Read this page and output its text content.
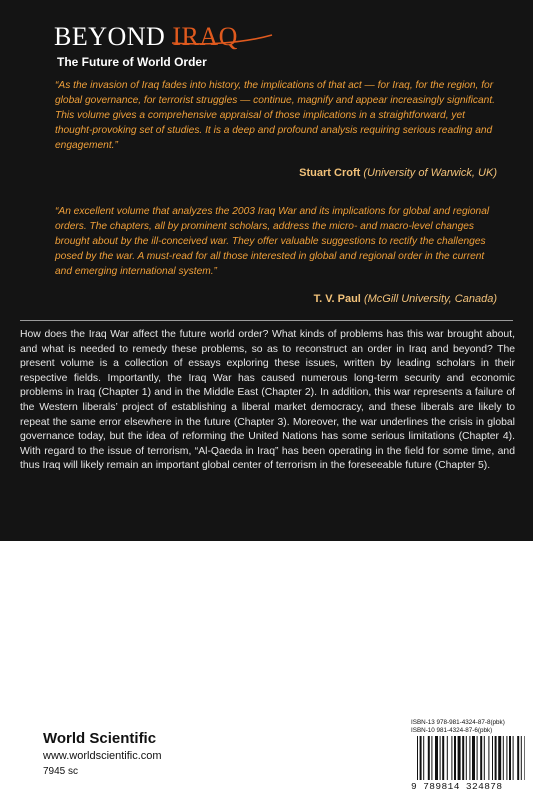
BEYOND IRAQ
The Future of World Order

“As the invasion of Iraq fades into history, the implications of that act — for Iraq, for the region, for global governance, for terrorist struggles — continue, magnify and appear increasingly significant. This volume gives a comprehensive appraisal of those implications in a straightforward, yet thought-provoking set of studies. It is a deep and profound analysis requiring serious reading and engagement.”

Stuart Croft (University of Warwick, UK)

“An excellent volume that analyzes the 2003 Iraq War and its implications for global and regional orders. The chapters, all by prominent scholars, address the micro- and macro-level changes brought about by the ill-conceived war. They offer valuable suggestions to rectify the challenges posed by the war. A must-read for all those interested in global and regional order in the current and emerging international system.”

T. V. Paul (McGill University, Canada)

How does the Iraq War affect the future world order? What kinds of problems has this war brought about, and what is needed to remedy these problems, so as to reconstruct an order in Iraq and beyond? The present volume is a collection of essays exploring these issues, written by leading scholars in their respective fields. Importantly, the Iraq War has caused numerous long-term security and economic problems in Iraq (Chapter 1) and in the Middle East (Chapter 2). In addition, this war represents a failure of the Western liberals’ project of establishing a liberal market democracy, and these liberals are likely to repeat the same error elsewhere in the future (Chapter 3). Moreover, the war underlines the crisis in global governance today, but the idea of reforming the United Nations has some serious limitations (Chapter 4). With regard to the issue of terrorism, “Al-Qaeda in Iraq” has been operating in the field for some time, and thus Iraq will likely remain an important global center of terrorism in the foreseeable future (Chapter 5).

World Scientific
www.worldscientific.com
7945 sc
ISBN-13 978-981-4324-87-8(pbk)
ISBN-10 981-4324-87-6(pbk)
9 789814 324878
